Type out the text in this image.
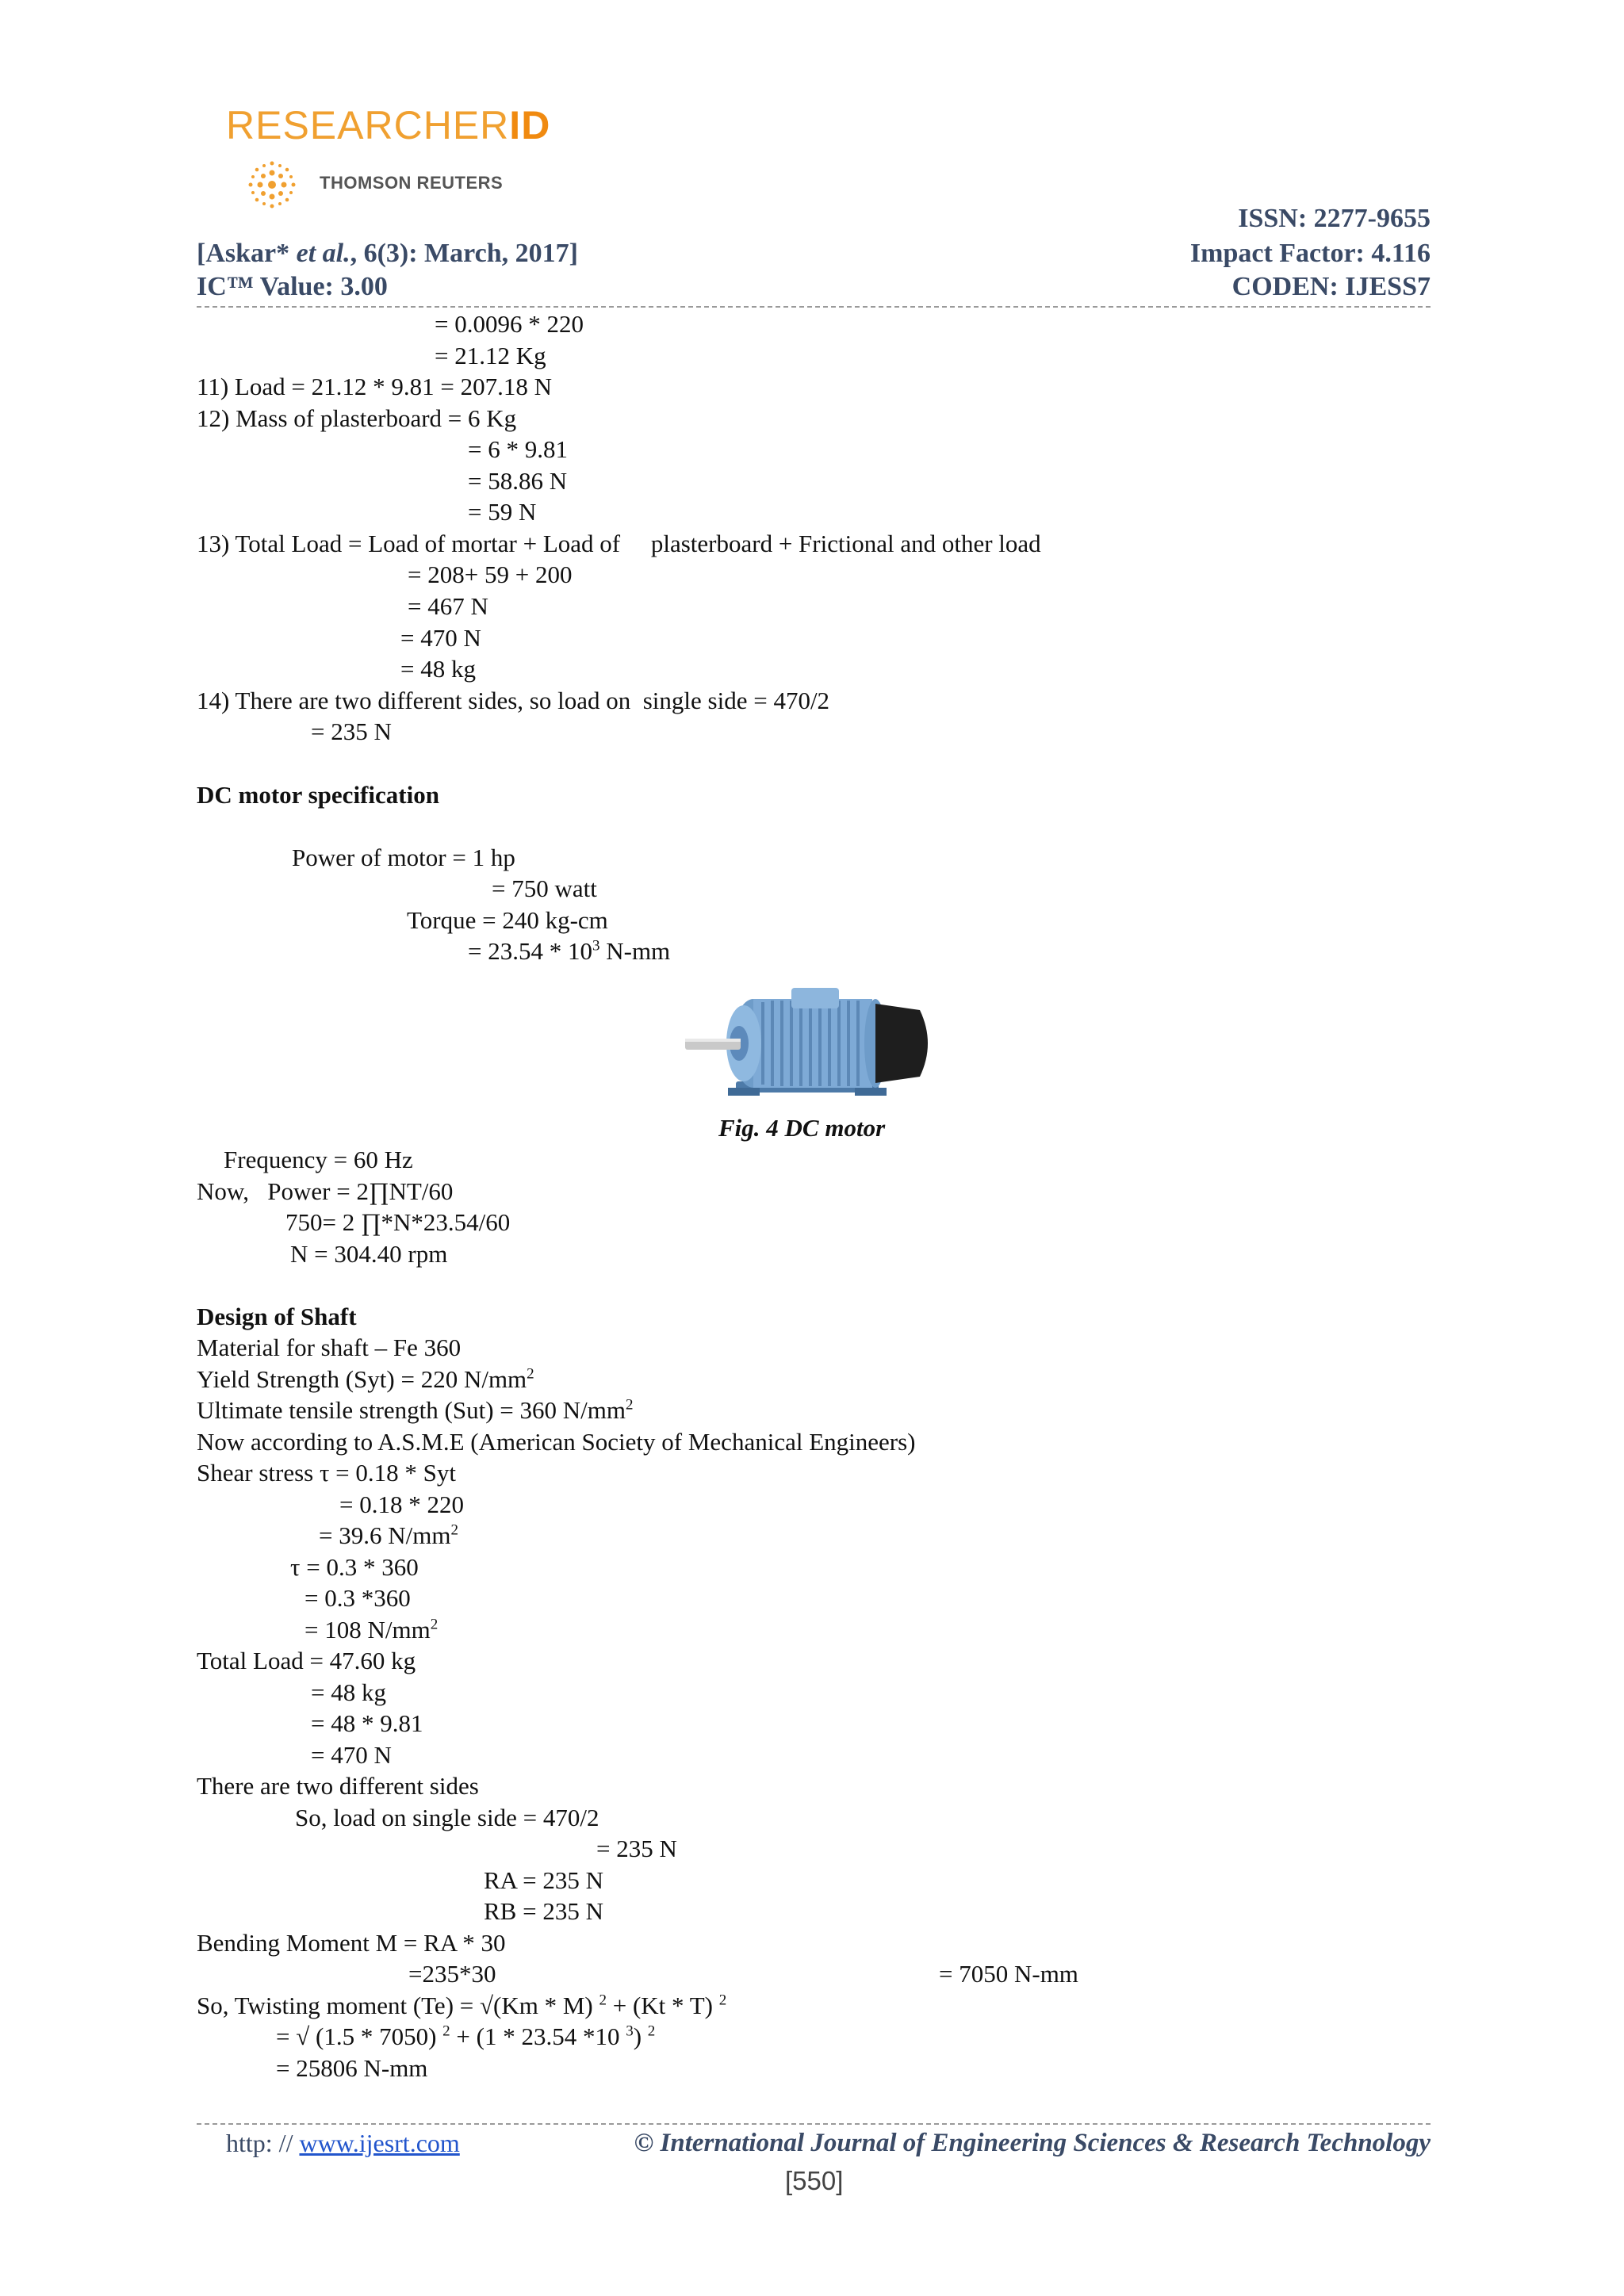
RESEARCHERID
THOMSON REUTERS
ISSN: 2277-9655
[Askar* et al., 6(3): March, 2017]	Impact Factor: 4.116
IC™ Value: 3.00	CODEN: IJESS7
= 0.0096 * 220
= 21.12 Kg
11) Load = 21.12 * 9.81 = 207.18 N
12) Mass of plasterboard = 6 Kg
= 6 * 9.81
= 58.86 N
= 59 N
13) Total Load = Load of mortar + Load of     plasterboard + Frictional and other load
= 208+ 59 + 200
= 467 N
= 470 N
= 48 kg
14) There are two different sides, so load on  single side = 470/2
= 235 N
DC motor specification
Power of motor = 1 hp
= 750 watt
Torque = 240 kg-cm
= $23.54 * 10^3$ N-mm
Fig. 4 DC motor
Frequency = 60 Hz
Now,   Power = 2∏NT/60
750= 2 ∏*N*23.54/60
N = 304.40 rpm
Design of Shaft
Material for shaft – Fe 360
Yield Strength (Syt) = 220 $N/mm^2$
Ultimate tensile strength (Sut) = 360 $N/mm^2$
Now according to A.S.M.E (American Society of Mechanical Engineers)
Shear stress τ = 0.18 * Syt
= 0.18 * 220
= 39.6 $N/mm^2$
τ = 0.3 * 360
= 0.3 *360
= 108 $N/mm^2$
Total Load = 47.60 kg
= 48 kg
= 48 * 9.81
= 470 N
There are two different sides
So, load on single side = 470/2
= 235 N
RA = 235 N
RB = 235 N
Bending Moment M = RA * 30
=235*30	= 7050 N-mm
So, Twisting moment (Te) = √(Km * M) $^2$ + (Kt * T) $^2$
= √ (1.5 * 7050) $^2$ + (1 * 23.54 *10 $^3$) $^2$
= 25806 N-mm
http: // www.ijesrt.com	© International Journal of Engineering Sciences & Research Technology
[550]
